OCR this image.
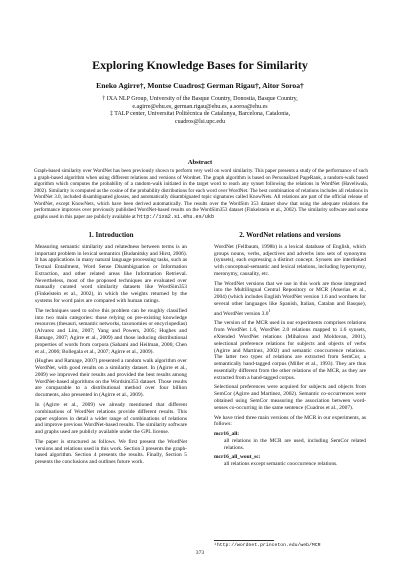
Exploring Knowledge Bases for Similarity
Eneko Agirre†, Montse Cuadros‡ German Rigau†, Aitor Soroa†
† IXA NLP Group, University of the Basque Country, Donostia, Basque Country,
e.agirre@ehu.es, german.rigau@ehu.es, a.soroa@ehu.es
‡ TALP center, Universitat Politècnica de Catalunya, Barcelona, Catalonia,
cuadros@lsi.upc.edu
Abstract
Graph-based similarity over WordNet has been previously shown to perform very well on word similarity. This paper presents a study of the performance of such a graph-based algorithm when using different relations and versions of Wordnet. The graph algorithm is based on Personalized PageRank, a random-walk based algorithm which computes the probability of a random-walk initiated in the target word to reach any synset following the relations in WordNet (Haveliwala, 2002). Similarity is computed as the cosine of the probability distributions for each word over WordNet. The best combination of relations includes all relations in WordNet 3.0, included disambiguated glosses, and automatically disambiguated topic signatures called KnowNets. All relations are part of the official release of WordNet, except KnowNets, which have been derived automatically. The results over the WordSim 353 dataset show that using the adequate relations the performance improves over previously published WordNet-based results on the WordSim353 dataset (Finkelstein et al., 2002). The similarity software and some graphs used in this paper are publicly available at http://ixa2.si.ehu.es/ukb
1. Introduction

Measuring semantic similarity and relatedness between terms is an important problem in lexical semantics (Budanitsky and Hirst, 2006). It has applications in many natural language processing tasks, such as Textual Entailment, Word Sense Disambiguation or Information Extraction, and other related areas like Information Retrieval. Nevertheless, most of the proposed techniques are evaluated over manually curated word similarity datasets like WordSim353 (Finkelstein et al., 2002), in which the weights returned by the systems for word pairs are compared with human ratings.

The techniques used to solve this problem can be roughly classified into two main categories: those relying on pre-existing knowledge resources (thesauri, semantic networks, taxonomies or encyclopedias) (Alvarez and Lim, 2007; Yang and Powers, 2005; Hughes and Ramage, 2007; Agirre et al., 2009) and those inducing distributional properties of words from corpora (Sahami and Heilman, 2006; Chen et al., 2006; Bollegala et al., 2007; Agirre et al., 2009).

(Hughes and Ramage, 2007) presented a random walk algorithm over WordNet, with good results on a similarity dataset. In (Agirre et al., 2009) we improved their results and provided the best results among WordNet-based algorithms on the Wordsim353 dataset. Those results are comparable to a distributional method over four billion documents, also presented in (Agirre et al., 2009).

In (Agirre et al., 2009) we already mentioned that different combinations of WordNet relations provide different results. This paper explores in detail a wider range of combinations of relations and improve previous WordNet-based results. The similarity software and graphs used are publicly available under the GPL license.

The paper is structured as follows. We first present the WordNet versions and relations used in this work. Section 3 presents the graph-based algorithm. Section 4 presents the results. Finally, Section 5 presents the conclusions and outlines future work.

2. WordNet relations and versions

WordNet (Fellbaum, 1998b) is a lexical database of English, which groups nouns, verbs, adjectives and adverbs into sets of synonyms (synsets), each expressing a distinct concept. Synsets are interlinked with conceptual-semantic and lexical relations, including hypernymy, meronymy, causality, etc.

The WordNet versions that we use in this work are those integrated into the Multilingual Central Repository or MCR (Atserias et al., 2004) (which includes English WordNet version 1.6 and wordnets for several other languages like Spanish, Italian, Catalan and Basque), and WordNet version $3.0^1$

The version of the MCR used in our experiments comprises relations from WordNet 1.6, WordNet 2.0 relations mapped to 1.6 synsets, eXtended WordNet relations (Mihalcea and Moldovan, 2001), selectional preference relations for subjects and objects of verbs (Agirre and Martinez, 2002) and semantic cooccurrence relations. The latter two types of relations are extracted from SemCor, a semantically hand-tagged corpus (Miller et al., 1993). They are thus essentially different from the other relations of the MCR, as they are extracted from a hand-tagged corpus.

Selectional preferences were acquired for subjects and objects from SemCor (Agirre and Martinez, 2002). Semantic co-occurrences were obtained using SemCor measuring the association between word-senses co-occurring in the same sentence (Cuadros et al., 2007).

We have tried three main versions of the MCR in our experiments, as follows:

mcr16_all:
all relations in the MCR are used, including SemCor related relations.
mcr16_all_wout_sc:
all relations except semantic cooccurrence relations.
¹http://wordnet.princeton.edu/web/MCR
373
